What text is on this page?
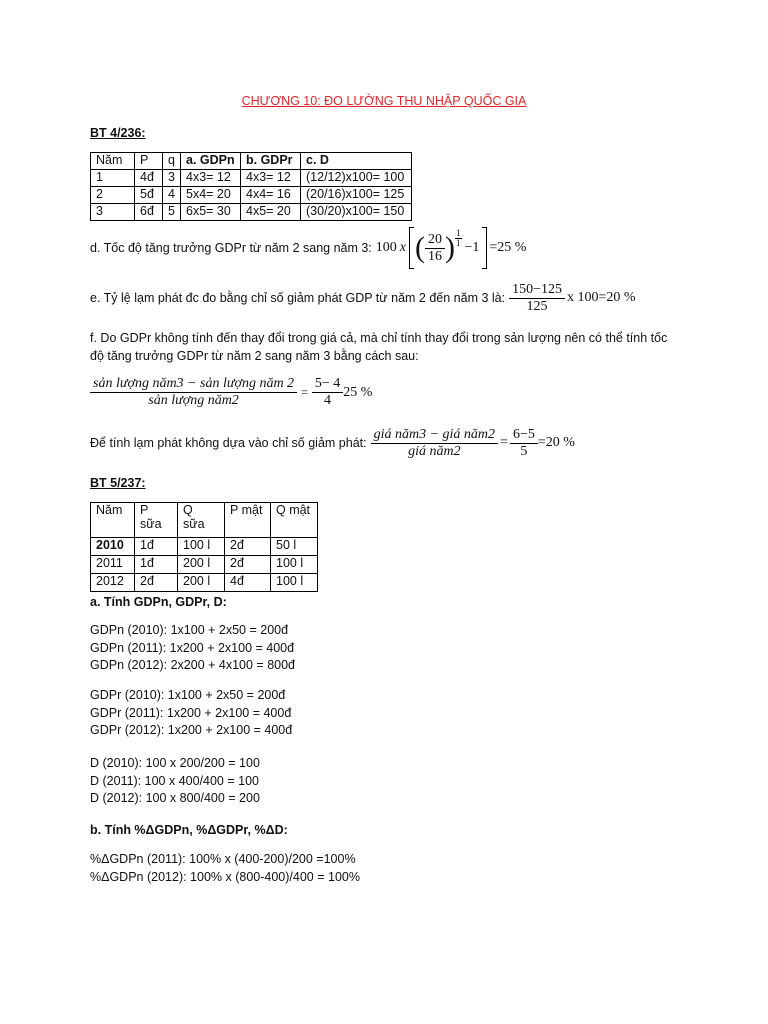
CHƯƠNG 10: ĐO LƯỜNG THU NHẬP QUỐC GIA
BT 4/236:
Năm	P	q	a. GDPn	b. GDPr	c. D
1	4đ	3	4x3= 12	4x3= 12	(12/12)x100= 100
2	5đ	4	5x4= 20	4x4= 16	(20/16)x100= 125
3	6đ	5	6x5= 30	4x5= 20	(30/20)x100= 150
d. Tốc độ tăng trưởng GDPr từ năm 2 sang năm 3: 100 x ( $\frac{20}{16}$ ) $\frac{1}{1} -1 =25$ %
e. Tỷ lệ lạm phát đc đo bằng chỉ số giảm phát GDP từ năm 2 đến năm 3 là: $\frac{150-125}{125}$ x 100=20 %
f. Do GDPr không tính đến thay đổi trong giá cả, mà chỉ tính thay đổi trong sản lượng nên có thể tính tốc
độ tăng trưởng GDPr từ năm 2 sang năm 3 bằng cách sau:
$\frac{\text{sản lượng năm3 − sản lượng năm 2}}{\text{sản lượng năm2}} = \frac{5- 4}{4} 25$ %
Để tính lạm phát không dựa vào chỉ số giảm phát: $\frac{\text{giá năm3 − giá năm2}}{\text{giá năm2}} = \frac{6-5}{5} =20$ %
BT 5/237:
Năm	P sữa	Q sữa	P mật	Q mật
2010	1đ	100 l	2đ	50 l
2011	1đ	200 l	2đ	100 l
2012	2đ	200 l	4đ	100 l
a. Tính GDPn, GDPr, D:
GDPn (2010): 1x100 + 2x50 = 200đ
GDPn (2011): 1x200 + 2x100 = 400đ
GDPn (2012): 2x200 + 4x100 = 800đ
GDPr (2010): 1x100 + 2x50 = 200đ
GDPr (2011): 1x200 + 2x100 = 400đ
GDPr (2012): 1x200 + 2x100 = 400đ
D (2010): 100 x 200/200 = 100
D (2011): 100 x 400/400 = 100
D (2012): 100 x 800/400 = 200
b. Tính %ΔGDPn, %ΔGDPr, %ΔD:
%ΔGDPn (2011): 100% x (400-200)/200 =100%
%ΔGDPn (2012): 100% x (800-400)/400 = 100%
